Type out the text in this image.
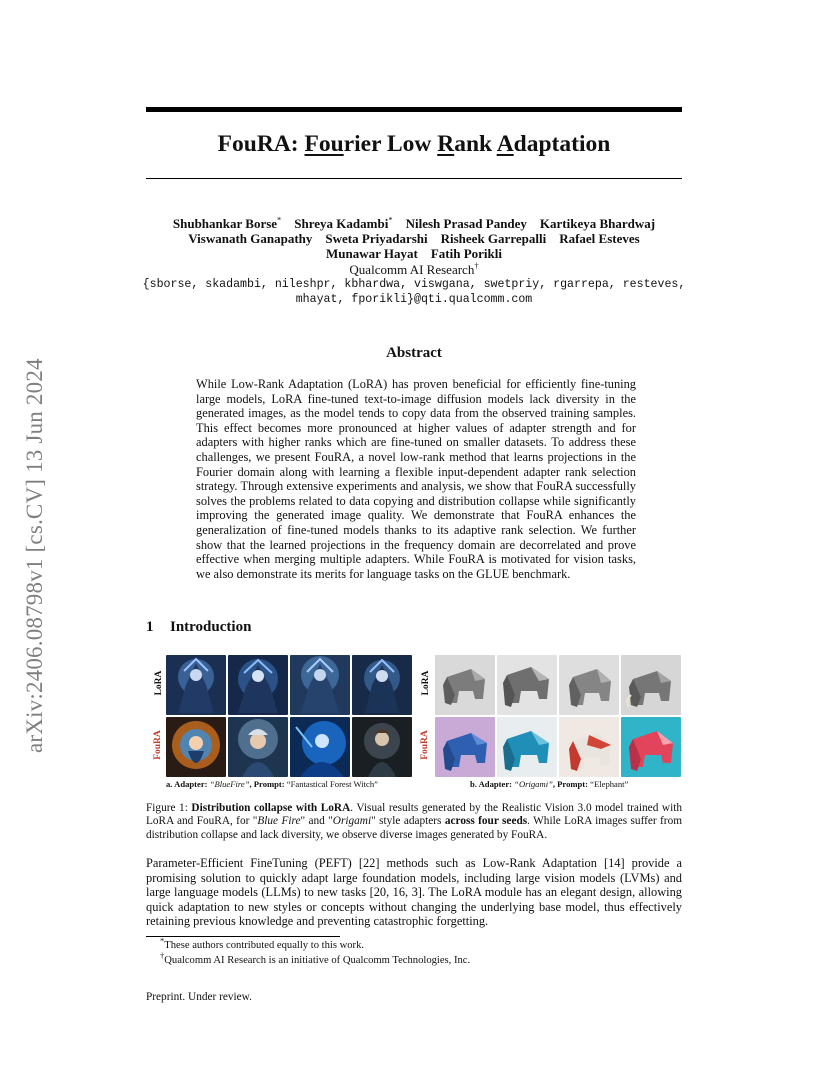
arXiv:2406.08798v1 [cs.CV] 13 Jun 2024
FouRA: Fourier Low Rank Adaptation
Shubhankar Borse* Shreya Kadambi* Nilesh Prasad Pandey Kartikeya Bhardwaj
Viswanath Ganapathy Sweta Priyadarshi Risheek Garrepalli Rafael Esteves
Munawar Hayat Fatih Porikli
Qualcomm AI Research†
{sborse, skadambi, nileshpr, kbhardwa, viswgana, swetpriy, rgarrepa, resteves,
mhayat, fporikli}@qti.qualcomm.com
Abstract
While Low-Rank Adaptation (LoRA) has proven beneficial for efficiently fine-tuning large models, LoRA fine-tuned text-to-image diffusion models lack diversity in the generated images, as the model tends to copy data from the observed training samples. This effect becomes more pronounced at higher values of adapter strength and for adapters with higher ranks which are fine-tuned on smaller datasets. To address these challenges, we present FouRA, a novel low-rank method that learns projections in the Fourier domain along with learning a flexible input-dependent adapter rank selection strategy. Through extensive experiments and analysis, we show that FouRA successfully solves the problems related to data copying and distribution collapse while significantly improving the generated image quality. We demonstrate that FouRA enhances the generalization of fine-tuned models thanks to its adaptive rank selection. We further show that the learned projections in the frequency domain are decorrelated and prove effective when merging multiple adapters. While FouRA is motivated for vision tasks, we also demonstrate its merits for language tasks on the GLUE benchmark.
1 Introduction
LoRA
FouRA
LoRA
FouRA
a. Adapter: “BlueFire”, Prompt: “Fantastical Forest Witch”	b. Adapter: “Origami”, Prompt: “Elephant”
Figure 1: Distribution collapse with LoRA. Visual results generated by the Realistic Vision 3.0 model trained with LoRA and FouRA, for "Blue Fire" and "Origami" style adapters across four seeds. While LoRA images suffer from distribution collapse and lack diversity, we observe diverse images generated by FouRA.
Parameter-Efficient FineTuning (PEFT) [22] methods such as Low-Rank Adaptation [14] provide a promising solution to quickly adapt large foundation models, including large vision models (LVMs) and large language models (LLMs) to new tasks [20, 16, 3]. The LoRA module has an elegant design, allowing quick adaptation to new styles or concepts without changing the underlying base model, thus effectively retaining previous knowledge and preventing catastrophic forgetting.
*These authors contributed equally to this work.
†Qualcomm AI Research is an initiative of Qualcomm Technologies, Inc.
Preprint. Under review.
